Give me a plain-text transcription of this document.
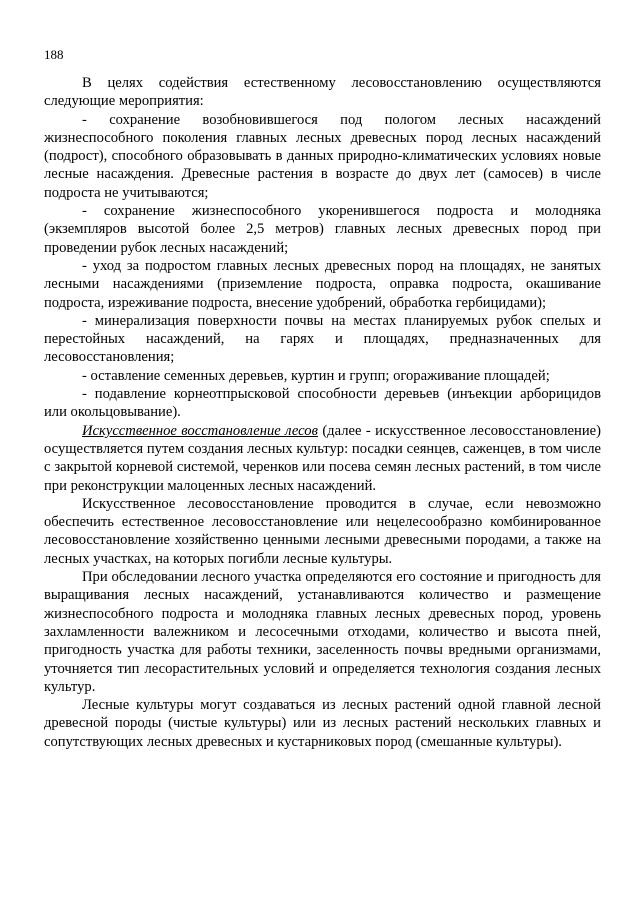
188

В целях содействия естественному лесовосстановлению осуществляются следующие мероприятия:

- сохранение возобновившегося под пологом лесных насаждений жизнеспособного поколения главных лесных древесных пород лесных насаждений (подрост), способного образовывать в данных природно-климатических условиях новые лесные насаждения. Древесные растения в возрасте до двух лет (самосев) в числе подроста не учитываются;

- сохранение жизнеспособного укоренившегося подроста и молодняка (экземпляров высотой более 2,5 метров) главных лесных древесных пород при проведении рубок лесных насаждений;

- уход за подростом главных лесных древесных пород на площадях, не занятых лесными насаждениями (приземление подроста, оправка подроста, окашивание подроста, изреживание подроста, внесение удобрений, обработка гербицидами);

- минерализация поверхности почвы на местах планируемых рубок спелых и перестойных насаждений, на гарях и площадях, предназначенных для лесовосстановления;

- оставление семенных деревьев, куртин и групп; огораживание площадей;

- подавление корнеотпрысковой способности деревьев (инъекции арборицидов или окольцовывание).

Искусственное восстановление лесов (далее - искусственное лесовосстановление) осуществляется путем создания лесных культур: посадки сеянцев, саженцев, в том числе с закрытой корневой системой, черенков или посева семян лесных растений, в том числе при реконструкции малоценных лесных насаждений.

Искусственное лесовосстановление проводится в случае, если невозможно обеспечить естественное лесовосстановление или нецелесообразно комбинированное лесовосстановление хозяйственно ценными лесными древесными породами, а также на лесных участках, на которых погибли лесные культуры.

При обследовании лесного участка определяются его состояние и пригодность для выращивания лесных насаждений, устанавливаются количество и размещение жизнеспособного подроста и молодняка главных лесных древесных пород, уровень захламленности валежником и лесосечными отходами, количество и высота пней, пригодность участка для работы техники, заселенность почвы вредными организмами, уточняется тип лесорастительных условий и определяется технология создания лесных культур.

Лесные культуры могут создаваться из лесных растений одной главной лесной древесной породы (чистые культуры) или из лесных растений нескольких главных и сопутствующих лесных древесных и кустарниковых пород (смешанные культуры).
